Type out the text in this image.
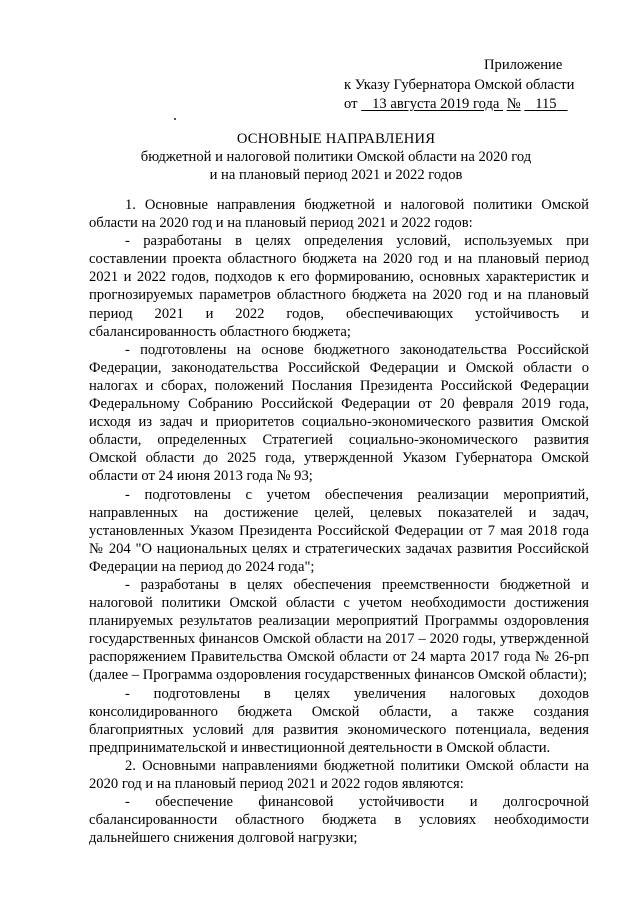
Приложение
к Указу Губернатора Омской области
от 13 августа 2019 года № 115
ОСНОВНЫЕ НАПРАВЛЕНИЯ
бюджетной и налоговой политики Омской области на 2020 год
и на плановый период 2021 и 2022 годов

1. Основные направления бюджетной и налоговой политики Омской области на 2020 год и на плановый период 2021 и 2022 годов:

- разработаны в целях определения условий, используемых при составлении проекта областного бюджета на 2020 год и на плановый период 2021 и 2022 годов, подходов к его формированию, основных характеристик и прогнозируемых параметров областного бюджета на 2020 год и на плановый период 2021 и 2022 годов, обеспечивающих устойчивость и сбалансированность областного бюджета;

- подготовлены на основе бюджетного законодательства Российской Федерации, законодательства Российской Федерации и Омской области о налогах и сборах, положений Послания Президента Российской Федерации Федеральному Собранию Российской Федерации от 20 февраля 2019 года, исходя из задач и приоритетов социально-экономического развития Омской области, определенных Стратегией социально-экономического развития Омской области до 2025 года, утвержденной Указом Губернатора Омской области от 24 июня 2013 года № 93;

- подготовлены с учетом обеспечения реализации мероприятий, направленных на достижение целей, целевых показателей и задач, установленных Указом Президента Российской Федерации от 7 мая 2018 года № 204 "О национальных целях и стратегических задачах развития Российской Федерации на период до 2024 года";

- разработаны в целях обеспечения преемственности бюджетной и налоговой политики Омской области с учетом необходимости достижения планируемых результатов реализации мероприятий Программы оздоровления государственных финансов Омской области на 2017 – 2020 годы, утвержденной распоряжением Правительства Омской области от 24 марта 2017 года № 26-рп (далее – Программа оздоровления государственных финансов Омской области);

- подготовлены в целях увеличения налоговых доходов консолидированного бюджета Омской области, а также создания благоприятных условий для развития экономического потенциала, ведения предпринимательской и инвестиционной деятельности в Омской области.

2. Основными направлениями бюджетной политики Омской области на 2020 год и на плановый период 2021 и 2022 годов являются:

- обеспечение финансовой устойчивости и долгосрочной сбалансированности областного бюджета в условиях необходимости дальнейшего снижения долговой нагрузки;
